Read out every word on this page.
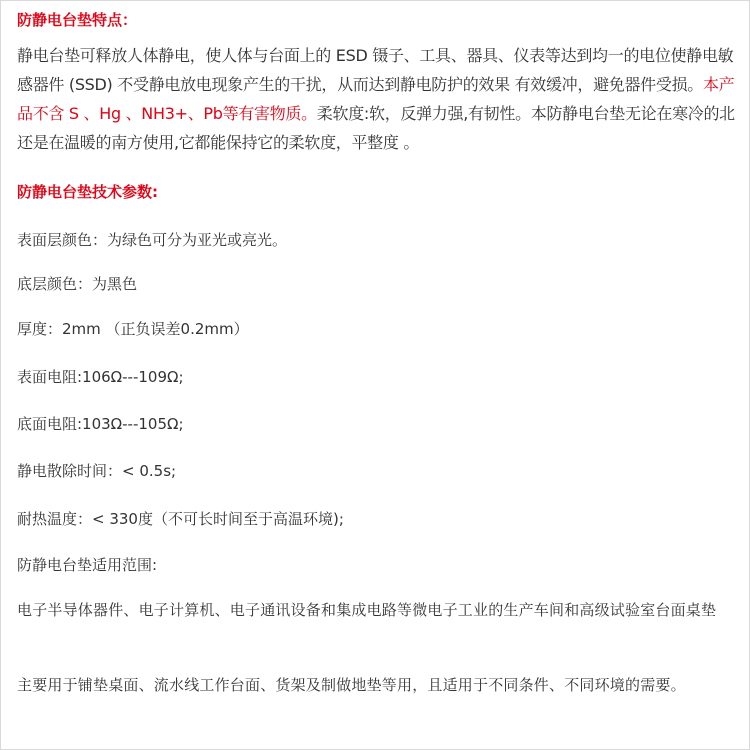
防静电台垫特点：
静电台垫可释放人体静电，使人体与台面上的 ESD 镊子、工具、器具、仪表等达到均一的电位使静电敏感器件 (SSD) 不受静电放电现象产生的干扰，从而达到静电防护的效果 有效缓冲，避免器件受损。本产品不含 S 、Hg 、NH3+、Pb等有害物质。柔软度:软，反弹力强,有韧性。本防静电台垫无论在寒冷的北还是在温暖的南方使用,它都能保持它的柔软度，平整度 。
防静电台垫技术参数:
表面层颜色：为绿色可分为亚光或亮光。
底层颜色：为黑色
厚度：2mm （正负误差0.2mm）
表面电阻:106Ω---109Ω;
底面电阻:103Ω---105Ω;
静电散除时间：< 0.5s;
耐热温度：< 330度（不可长时间至于高温环境);
防静电台垫适用范围:
电子半导体器件、电子计算机、电子通讯设备和集成电路等微电子工业的生产车间和高级试验室台面桌垫
主要用于铺垫桌面、流水线工作台面、货架及制做地垫等用，且适用于不同条件、不同环境的需要。
